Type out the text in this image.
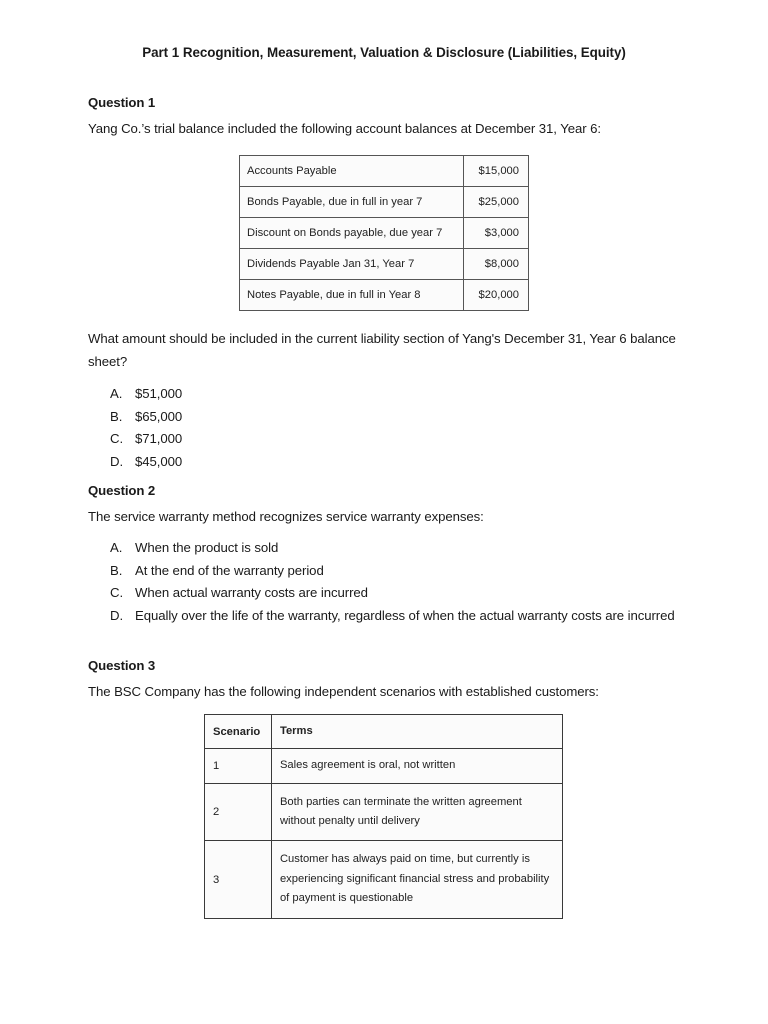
Part 1 Recognition, Measurement, Valuation & Disclosure (Liabilities, Equity)
Question 1
Yang Co.’s trial balance included the following account balances at December 31, Year 6:
Accounts Payable	$15,000
Bonds Payable, due in full in year 7	$25,000
Discount on Bonds payable, due year 7	$3,000
Dividends Payable Jan 31, Year 7	$8,000
Notes Payable, due in full in Year 8	$20,000
What amount should be included in the current liability section of Yang's December 31, Year 6 balance sheet?
A. $51,000
B. $65,000
C. $71,000
D. $45,000
Question 2
The service warranty method recognizes service warranty expenses:
A. When the product is sold
B. At the end of the warranty period
C. When actual warranty costs are incurred
D. Equally over the life of the warranty, regardless of when the actual warranty costs are incurred
Question 3
The BSC Company has the following independent scenarios with established customers:
Scenario	Terms
1	Sales agreement is oral, not written
2	Both parties can terminate the written agreement without penalty until delivery
3	Customer has always paid on time, but currently is experiencing significant financial stress and probability of payment is questionable
